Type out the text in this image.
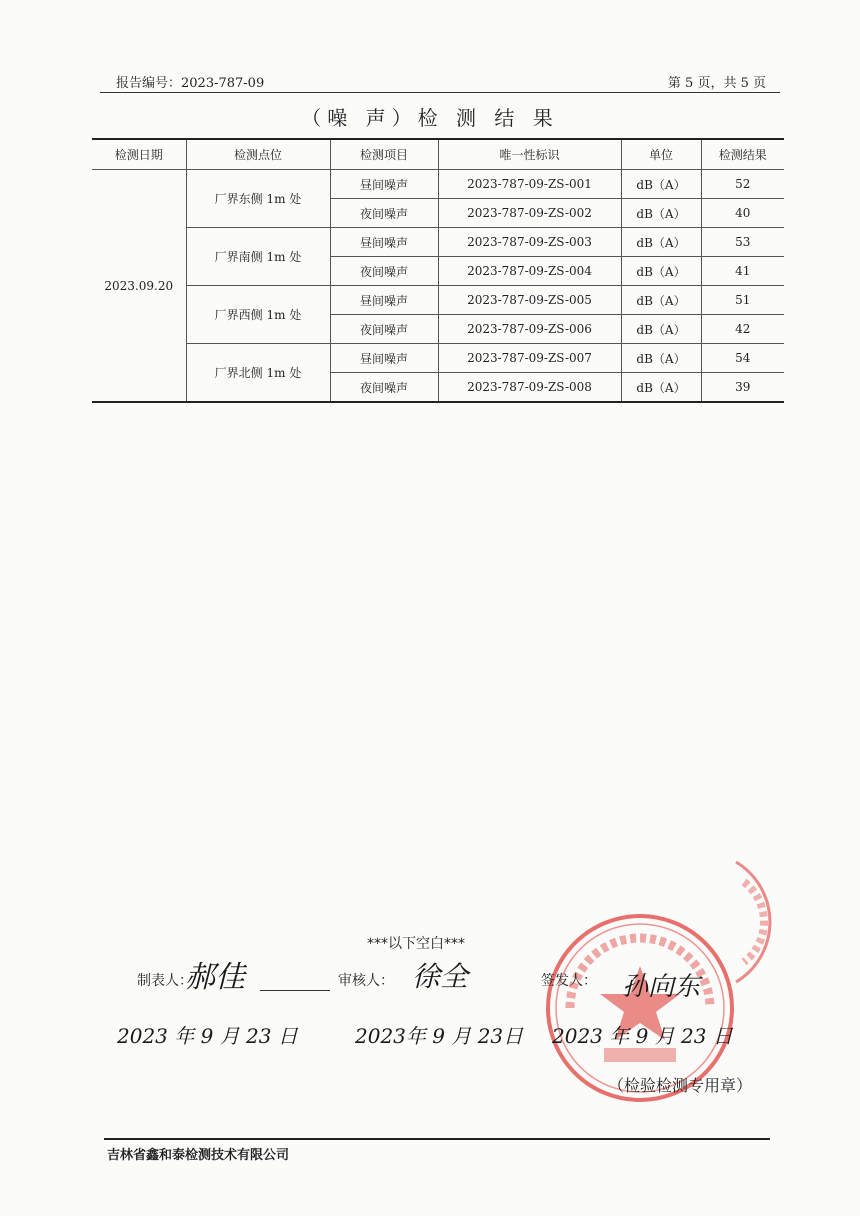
报告编号：2023-787-09	第 5 页，共 5 页
（噪 声）检 测 结 果
检测日期	检测点位	检测项目	唯一性标识	单位	检测结果
2023.09.20	厂界东侧 1m 处	昼间噪声	2023-787-09-ZS-001	dB（A）	52
		夜间噪声	2023-787-09-ZS-002	dB（A）	40
	厂界南侧 1m 处	昼间噪声	2023-787-09-ZS-003	dB（A）	53
		夜间噪声	2023-787-09-ZS-004	dB（A）	41
	厂界西侧 1m 处	昼间噪声	2023-787-09-ZS-005	dB（A）	51
		夜间噪声	2023-787-09-ZS-006	dB（A）	42
	厂界北侧 1m 处	昼间噪声	2023-787-09-ZS-007	dB（A）	54
		夜间噪声	2023-787-09-ZS-008	dB（A）	39
***以下空白***
制表人：
郝佳	审核人： 徐全	签发人： 孙向东
2023 年 9 月 23 日	2023年 9 月 23日 2023 年 9 月 23 日
（检验检测专用章）
吉林省鑫和泰检测技术有限公司
